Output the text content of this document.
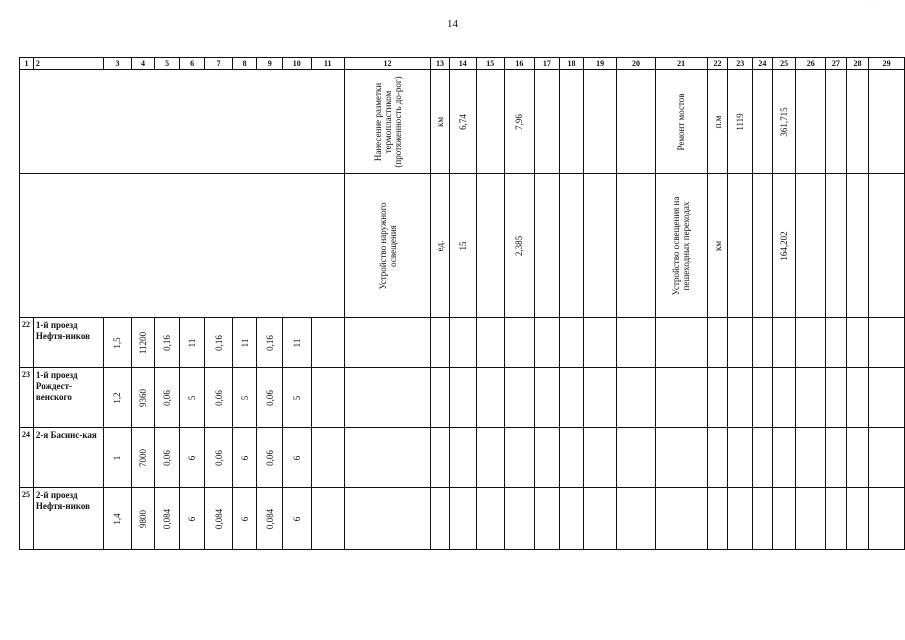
14
· · ·
1	2	3	4	5	6	7	8	9	10	11	12	13	14	15	16	17	18	19	20	21	22	23	24	25	26	27	28	29

											Нанесение разметки термопластиком (протяженность до-рог)	км	6,74		7,96					Ремонт мостов	п.м	1119		361,715				

											Устройство наружного освещения	ед.	15		2,385					Устройство освещения на пешеходных переходах	км			164,202				

22	1-й проезд Нефтя-ников	1,5	11200	0,16	11	0,16	11	0,16	11																			

23	1-й проезд Рождест-венского	1,2	9360	0,06	5	0,06	5	0,06	5																			

24	2-я Басинс-кая	1	7000	0,06	6	0,06	6	0,06	6																			

25	2-й проезд Нефтя-ников	1,4	9800	0,084	6	0,084	6	0,084	6																			
